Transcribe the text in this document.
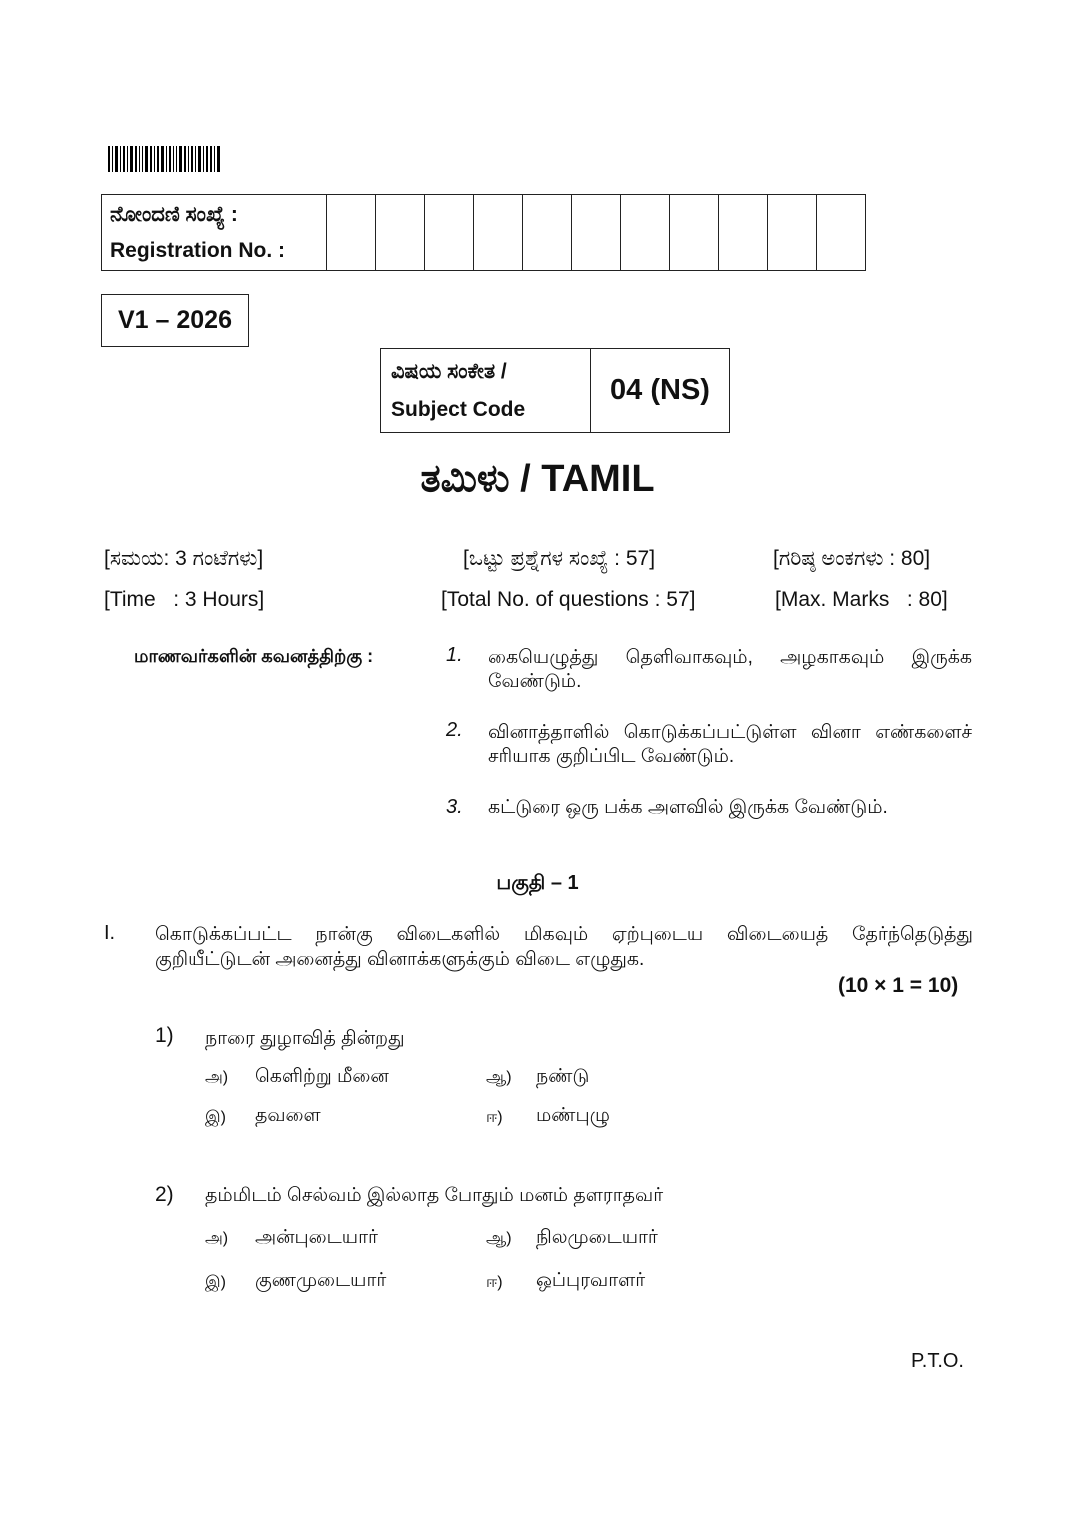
ನೋಂದಣಿ ಸಂಖ್ಯೆ :
Registration No. :

V1 – 2026
ವಿಷಯ ಸಂಕೇತ /
Subject Code
	04 (NS)
ತಮಿಳು / TAMIL
[ಸಮಯ: 3 ಗಂಟೆಗಳು]	[ಒಟ್ಟು ಪ್ರಶ್ನೆಗಳ ಸಂಖ್ಯೆ : 57]	[ಗರಿಷ್ಠ ಅಂಕಗಳು : 80]
[Time   : 3 Hours]	[Total No. of questions : 57]	[Max. Marks   : 80]
மாணவர்களின் கவனத்திற்கு :	1. கையெழுத்து தெளிவாகவும், அழகாகவும் இருக்க வேண்டும்.
2. வினாத்தாளில் கொடுக்கப்பட்டுள்ள வினா எண்களைச் சரியாக குறிப்பிட வேண்டும்.
3. கட்டுரை ஒரு பக்க அளவில் இருக்க வேண்டும்.
பகுதி – 1
I. கொடுக்கப்பட்ட நான்கு விடைகளில் மிகவும் ஏற்புடைய விடையைத் தேர்ந்தெடுத்து குறியீட்டுடன் அனைத்து வினாக்களுக்கும் விடை எழுதுக.
(10 × 1 = 10)
1) நாரை துழாவித் தின்றது
அ) கெளிற்று மீனை	ஆ) நண்டு
இ) தவளை	ஈ) மண்புழு
2) தம்மிடம் செல்வம் இல்லாத போதும் மனம் தளராதவர்
அ) அன்புடையார்	ஆ) நிலமுடையார்
இ) குணமுடையார்	ஈ) ஒப்புரவாளர்
P.T.O.
